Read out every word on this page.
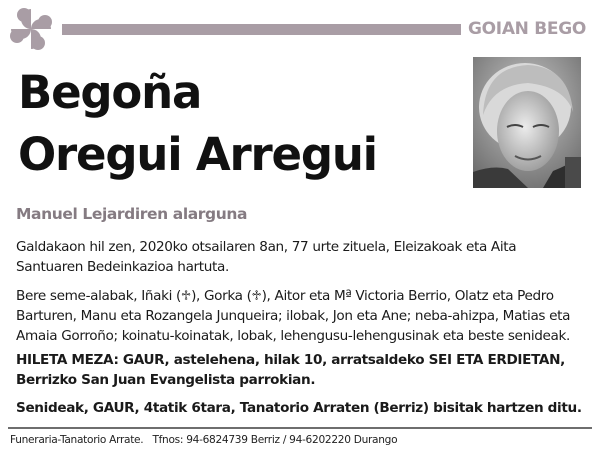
GOIAN BEGO
Begoña
Oregui Arregui
Manuel Lejardiren alarguna

Galdakaon hil zen, 2020ko otsailaren 8an, 77 urte zituela, Eleizakoak eta Aita Santuaren Bedeinkazioa hartuta.

Bere seme-alabak, Iñaki (♱), Gorka (♱), Aitor eta Mª Victoria Berrio, Olatz eta Pedro Barturen, Manu eta Rozangela Junqueira; ilobak, Jon eta Ane; neba-ahizpa, Matias eta Amaia Gorroño; koinatu-koinatak, lobak, lehengusu-lehengusinak eta beste senideak.

HILETA MEZA: GAUR, astelehena, hilak 10, arratsaldeko SEI ETA ERDIETAN, Berrizko San Juan Evangelista parrokian.

Senideak, GAUR, 4tatik 6tara, Tanatorio Arraten (Berriz) bisitak hartzen ditu.

Funeraria-Tanatorio Arrate. Tfnos: 94-6824739 Berriz / 94-6202220 Durango
